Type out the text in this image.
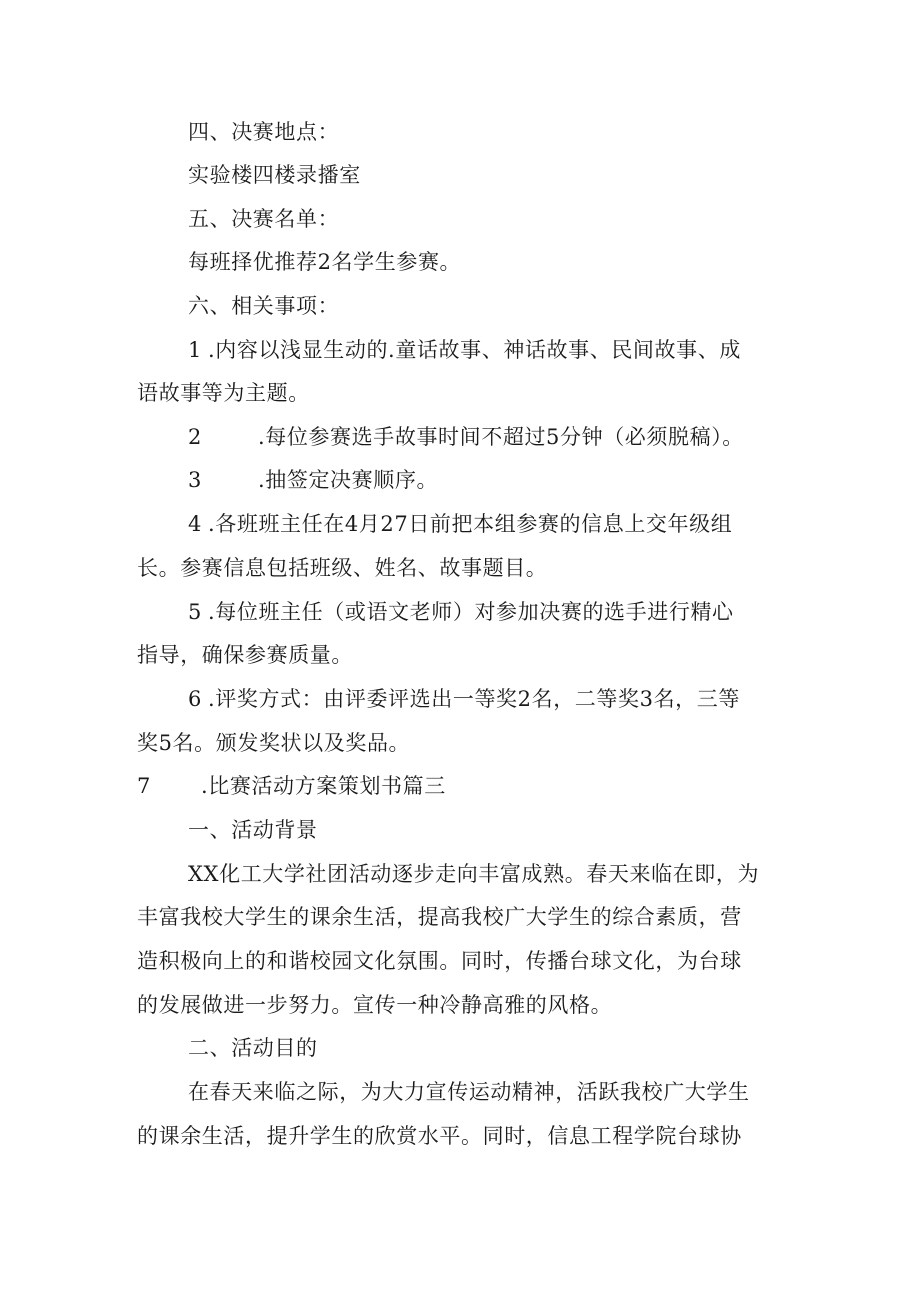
四、决赛地点：
实验楼四楼录播室
五、决赛名单：
每班择优推荐2名学生参赛。
六、相关事项：
1 .内容以浅显生动的.童话故事、神话故事、民间故事、成
语故事等为主题。
2	.每位参赛选手故事时间不超过5分钟（必须脱稿）。
3	.抽签定决赛顺序。
4 .各班班主任在4月27日前把本组参赛的信息上交年级组
长。参赛信息包括班级、姓名、故事题目。
5 .每位班主任（或语文老师）对参加决赛的选手进行精心
指导，确保参赛质量。
6 .评奖方式：由评委评选出一等奖2名，二等奖3名，三等
奖5名。颁发奖状以及奖品。
7 .比赛活动方案策划书篇三
一、活动背景
XX化工大学社团活动逐步走向丰富成熟。春天来临在即，为
丰富我校大学生的课余生活，提高我校广大学生的综合素质，营
造积极向上的和谐校园文化氛围。同时，传播台球文化，为台球
的发展做进一步努力。宣传一种冷静高雅的风格。
二、活动目的
在春天来临之际，为大力宣传运动精神，活跃我校广大学生
的课余生活，提升学生的欣赏水平。同时，信息工程学院台球协
